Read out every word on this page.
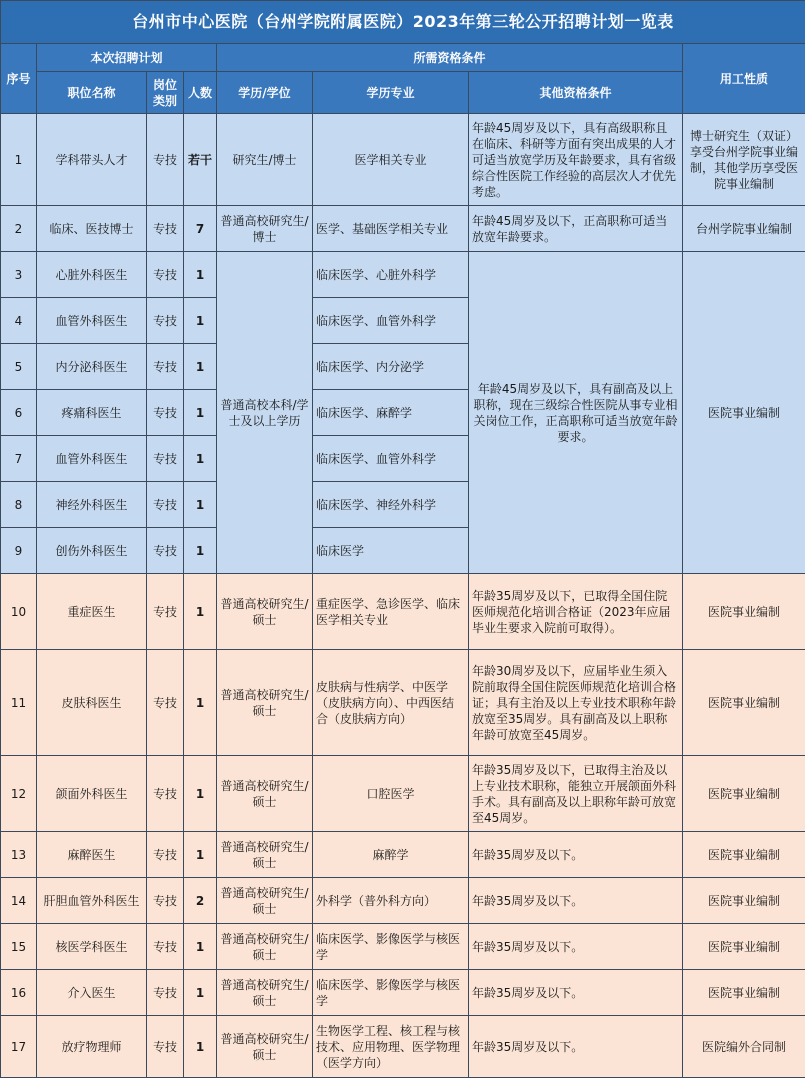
台州市中心医院（台州学院附属医院）2023年第三轮公开招聘计划一览表							
序号	本次招聘计划			所需资格条件			用工性质
	职位名称	岗位类别	人数	学历/学位	学历专业	其他资格条件	
1	学科带头人才	专技	若干	研究生/博士	医学相关专业	年龄45周岁及以下，具有高级职称且在临床、科研等方面有突出成果的人才可适当放宽学历及年龄要求，具有省级综合性医院工作经验的高层次人才优先考虑。	博士研究生（双证）享受台州学院事业编制，其他学历享受医院事业编制
2	临床、医技博士	专技	7	普通高校研究生/博士	医学、基础医学相关专业	年龄45周岁及以下，正高职称可适当放宽年龄要求。	台州学院事业编制
3	心脏外科医生	专技	1	普通高校本科/学士及以上学历	临床医学、心脏外科学	年龄45周岁及以下，具有副高及以上职称，现在三级综合性医院从事专业相关岗位工作，正高职称可适当放宽年龄要求。	医院事业编制
4	血管外科医生	专技	1		临床医学、血管外科学		
5	内分泌科医生	专技	1		临床医学、内分泌学		
6	疼痛科医生	专技	1		临床医学、麻醉学		
7	血管外科医生	专技	1		临床医学、血管外科学		
8	神经外科医生	专技	1		临床医学、神经外科学		
9	创伤外科医生	专技	1		临床医学		
10	重症医生	专技	1	普通高校研究生/硕士	重症医学、急诊医学、临床医学相关专业	年龄35周岁及以下，已取得全国住院医师规范化培训合格证（2023年应届毕业生要求入院前可取得）。	医院事业编制
11	皮肤科医生	专技	1	普通高校研究生/硕士	皮肤病与性病学、中医学（皮肤病方向）、中西医结合（皮肤病方向）	年龄30周岁及以下，应届毕业生须入院前取得全国住院医师规范化培训合格证；具有主治及以上专业技术职称年龄放宽至35周岁。具有副高及以上职称年龄可放宽至45周岁。	医院事业编制
12	颌面外科医生	专技	1	普通高校研究生/硕士	口腔医学	年龄35周岁及以下，已取得主治及以上专业技术职称，能独立开展颌面外科手术。具有副高及以上职称年龄可放宽至45周岁。	医院事业编制
13	麻醉医生	专技	1	普通高校研究生/硕士	麻醉学	年龄35周岁及以下。	医院事业编制
14	肝胆血管外科医生	专技	2	普通高校研究生/硕士	外科学（普外科方向）	年龄35周岁及以下。	医院事业编制
15	核医学科医生	专技	1	普通高校研究生/硕士	临床医学、影像医学与核医学	年龄35周岁及以下。	医院事业编制
16	介入医生	专技	1	普通高校研究生/硕士	临床医学、影像医学与核医学	年龄35周岁及以下。	医院事业编制
17	放疗物理师	专技	1	普通高校研究生/硕士	生物医学工程、核工程与核技术、应用物理、医学物理（医学方向）	年龄35周岁及以下。	医院编外合同制
